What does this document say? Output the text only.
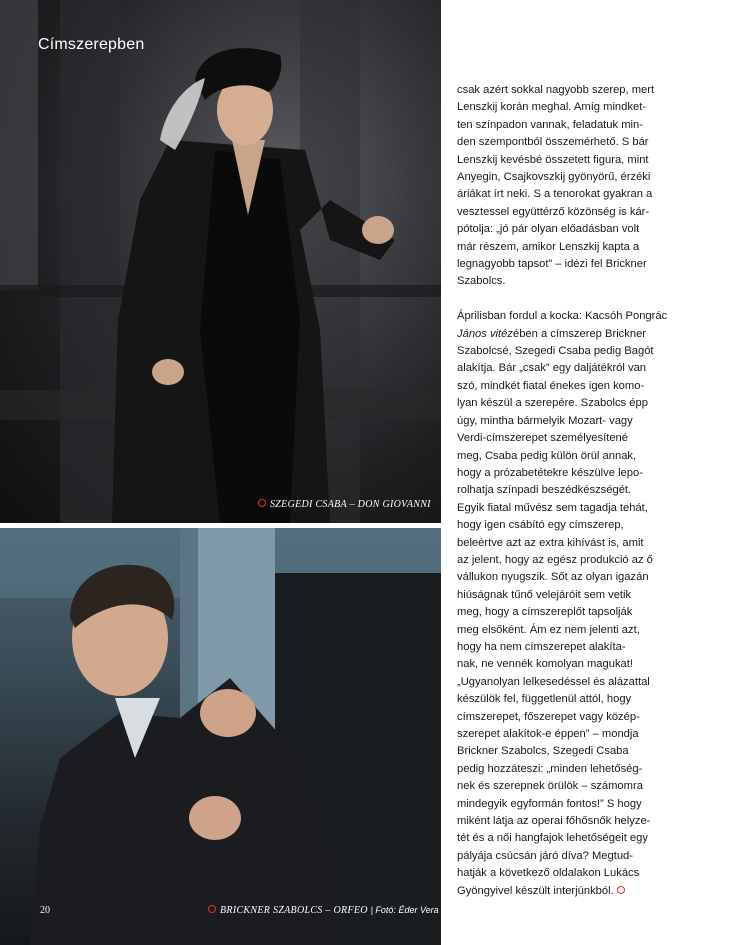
Címszerepben
SZEGEDI CSABA – DON GIOVANNI
20	BRICKNER SZABOLCS – ORFEO | Fotó: Éder Vera
csak azért sokkal nagyobb szerep, mert
Lenszkij korán meghal. Amíg mindket-
ten színpadon vannak, feladatuk min-
den szempontból összemérhető. S bár
Lenszkij kevésbé összetett figura, mint
Anyegin, Csajkovszkij gyönyörű, érzéki
áriákat írt neki. S a tenorokat gyakran a
vesztessel együttérző közönség is kár-
pótolja: „jó pár olyan előadásban volt
már részem, amikor Lenszkij kapta a
legnagyobb tapsot” – idézi fel Brickner
Szabolcs.
Áprilisban fordul a kocka: Kacsóh Pongrác
János vitézében a címszerep Brickner
Szabolcsé, Szegedi Csaba pedig Bagót
alakítja. Bár „csak” egy daljátékról van
szó, mindkét fiatal énekes igen komo-
lyan készül a szerepére. Szabolcs épp
úgy, mintha bármelyik Mozart- vagy
Verdi-címszerepet személyesítené
meg, Csaba pedig külön örül annak,
hogy a prózabetétekre készülve lepo-
rolhatja színpadi beszédkészségét.
Egyik fiatal művész sem tagadja tehát,
hogy igen csábító egy címszerep,
beleértve azt az extra kihívást is, amit
az jelent, hogy az egész produkció az ő
vállukon nyugszik. Sőt az olyan igazán
hiúságnak tűnő velejáróit sem vetik
meg, hogy a címszereplőt tapsolják
meg elsőként. Ám ez nem jelenti azt,
hogy ha nem címszerepet alakíta-
nak, ne vennék komolyan magukat!
„Ugyanolyan lelkesedéssel és alázattal
készülök fel, függetlenül attól, hogy
címszerepet, főszerepet vagy közép-
szerepet alakítok-e éppen” – mondja
Brickner Szabolcs, Szegedi Csaba
pedig hozzáteszi: „minden lehetőség-
nek és szerepnek örülök – számomra
mindegyik egyformán fontos!” S hogy
miként látja az operai főhősnők helyze-
tét és a női hangfajok lehetőségeit egy
pályája csúcsán járó díva? Megtud-
hatják a következő oldalakon Lukács
Gyöngyivel készült interjúnkból.
